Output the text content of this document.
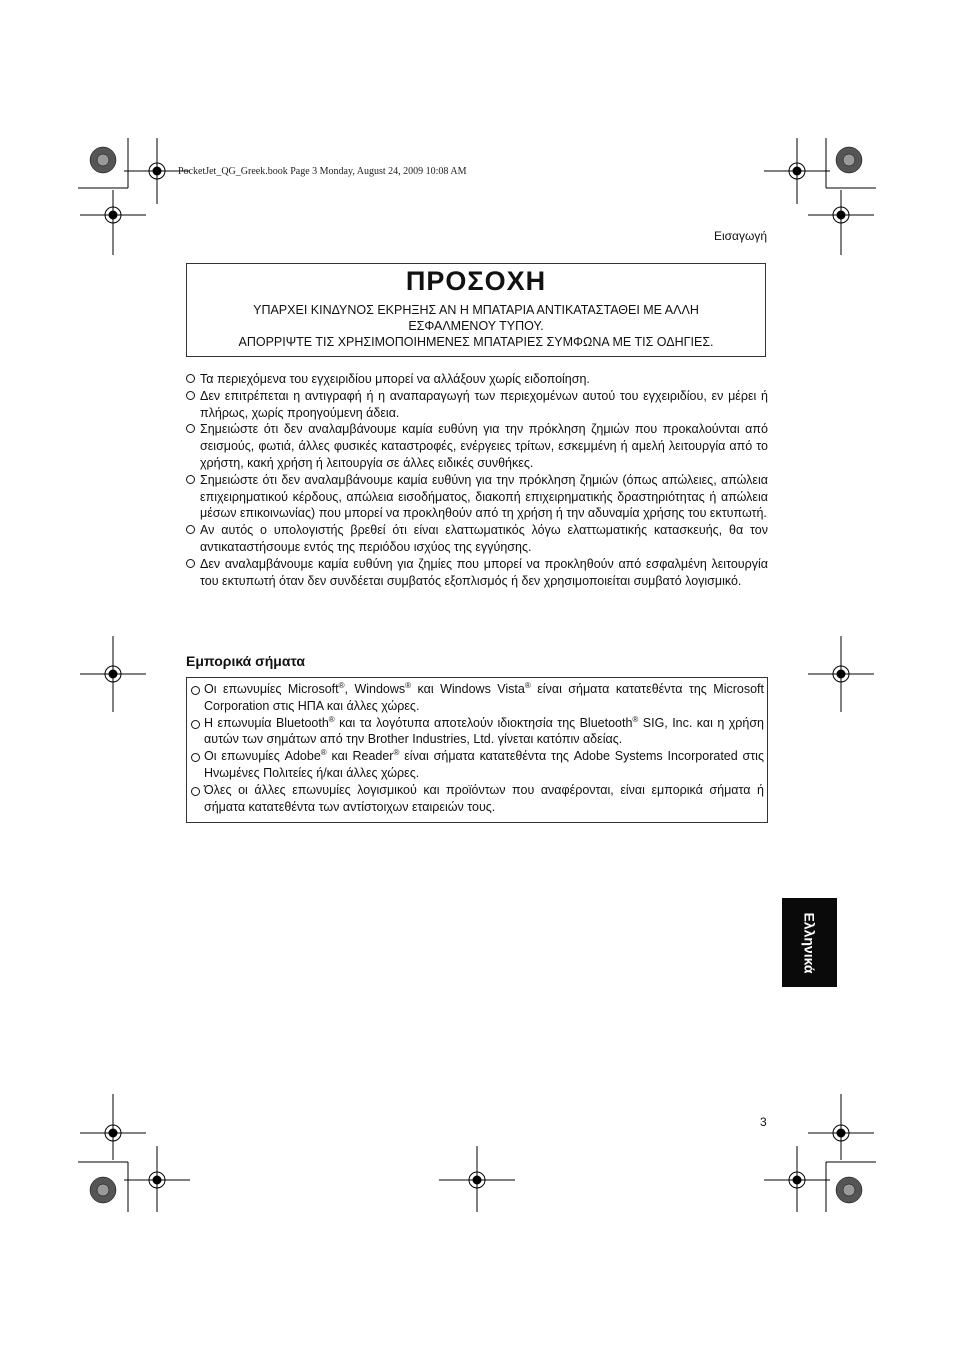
PocketJet_QG_Greek.book Page 3 Monday, August 24, 2009 10:08 AM
Εισαγωγή
ΠΡΟΣΟΧΗ
ΥΠΑΡΧΕΙ ΚΙΝΔΥΝΟΣ ΕΚΡΗΞΗΣ ΑΝ Η ΜΠΑΤΑΡΙΑ ΑΝΤΙΚΑΤΑΣΤΑΘΕΙ ΜΕ ΑΛΛΗ
ΕΣΦΑΛΜΕΝΟΥ ΤΥΠΟΥ.
ΑΠΟΡΡΙΨΤΕ ΤΙΣ ΧΡΗΣΙΜΟΠΟΙΗΜΕΝΕΣ ΜΠΑΤΑΡΙΕΣ ΣΥΜΦΩΝΑ ΜΕ ΤΙΣ ΟΔΗΓΙΕΣ.
Τα περιεχόμενα του εγχειριδίου μπορεί να αλλάξουν χωρίς ειδοποίηση.
Δεν επιτρέπεται η αντιγραφή ή η αναπαραγωγή των περιεχομένων αυτού του εγχειριδίου, εν μέρει ή πλήρως, χωρίς προηγούμενη άδεια.
Σημειώστε ότι δεν αναλαμβάνουμε καμία ευθύνη για την πρόκληση ζημιών που προκαλούνται από σεισμούς, φωτιά, άλλες φυσικές καταστροφές, ενέργειες τρίτων, εσκεμμένη ή αμελή λειτουργία από το χρήστη, κακή χρήση ή λειτουργία σε άλλες ειδικές συνθήκες.
Σημειώστε ότι δεν αναλαμβάνουμε καμία ευθύνη για την πρόκληση ζημιών (όπως απώλειες, απώλεια επιχειρηματικού κέρδους, απώλεια εισοδήματος, διακοπή επιχειρηματικής δραστηριότητας ή απώλεια μέσων επικοινωνίας) που μπορεί να προκληθούν από τη χρήση ή την αδυναμία χρήσης του εκτυπωτή.
Αν αυτός ο υπολογιστής βρεθεί ότι είναι ελαττωματικός λόγω ελαττωματικής κατασκευής, θα τον αντικαταστήσουμε εντός της περιόδου ισχύος της εγγύησης.
Δεν αναλαμβάνουμε καμία ευθύνη για ζημίες που μπορεί να προκληθούν από εσφαλμένη λειτουργία του εκτυπωτή όταν δεν συνδέεται συμβατός εξοπλισμός ή δεν χρησιμοποιείται συμβατό λογισμικό.
Εμπορικά σήματα
Οι επωνυμίες Microsoft®, Windows® και Windows Vista® είναι σήματα κατατεθέντα της Microsoft Corporation στις ΗΠΑ και άλλες χώρες.
Η επωνυμία Bluetooth® και τα λογότυπα αποτελούν ιδιοκτησία της Bluetooth® SIG, Inc. και η χρήση αυτών των σημάτων από την Brother Industries, Ltd. γίνεται κατόπιν αδείας.
Οι επωνυμίες Adobe® και Reader® είναι σήματα κατατεθέντα της Adobe Systems Incorporated στις Ηνωμένες Πολιτείες ή/και άλλες χώρες.
Όλες οι άλλες επωνυμίες λογισμικού και προϊόντων που αναφέρονται, είναι εμπορικά σήματα ή σήματα κατατεθέντα των αντίστοιχων εταιρειών τους.
Ελληνικά
3
